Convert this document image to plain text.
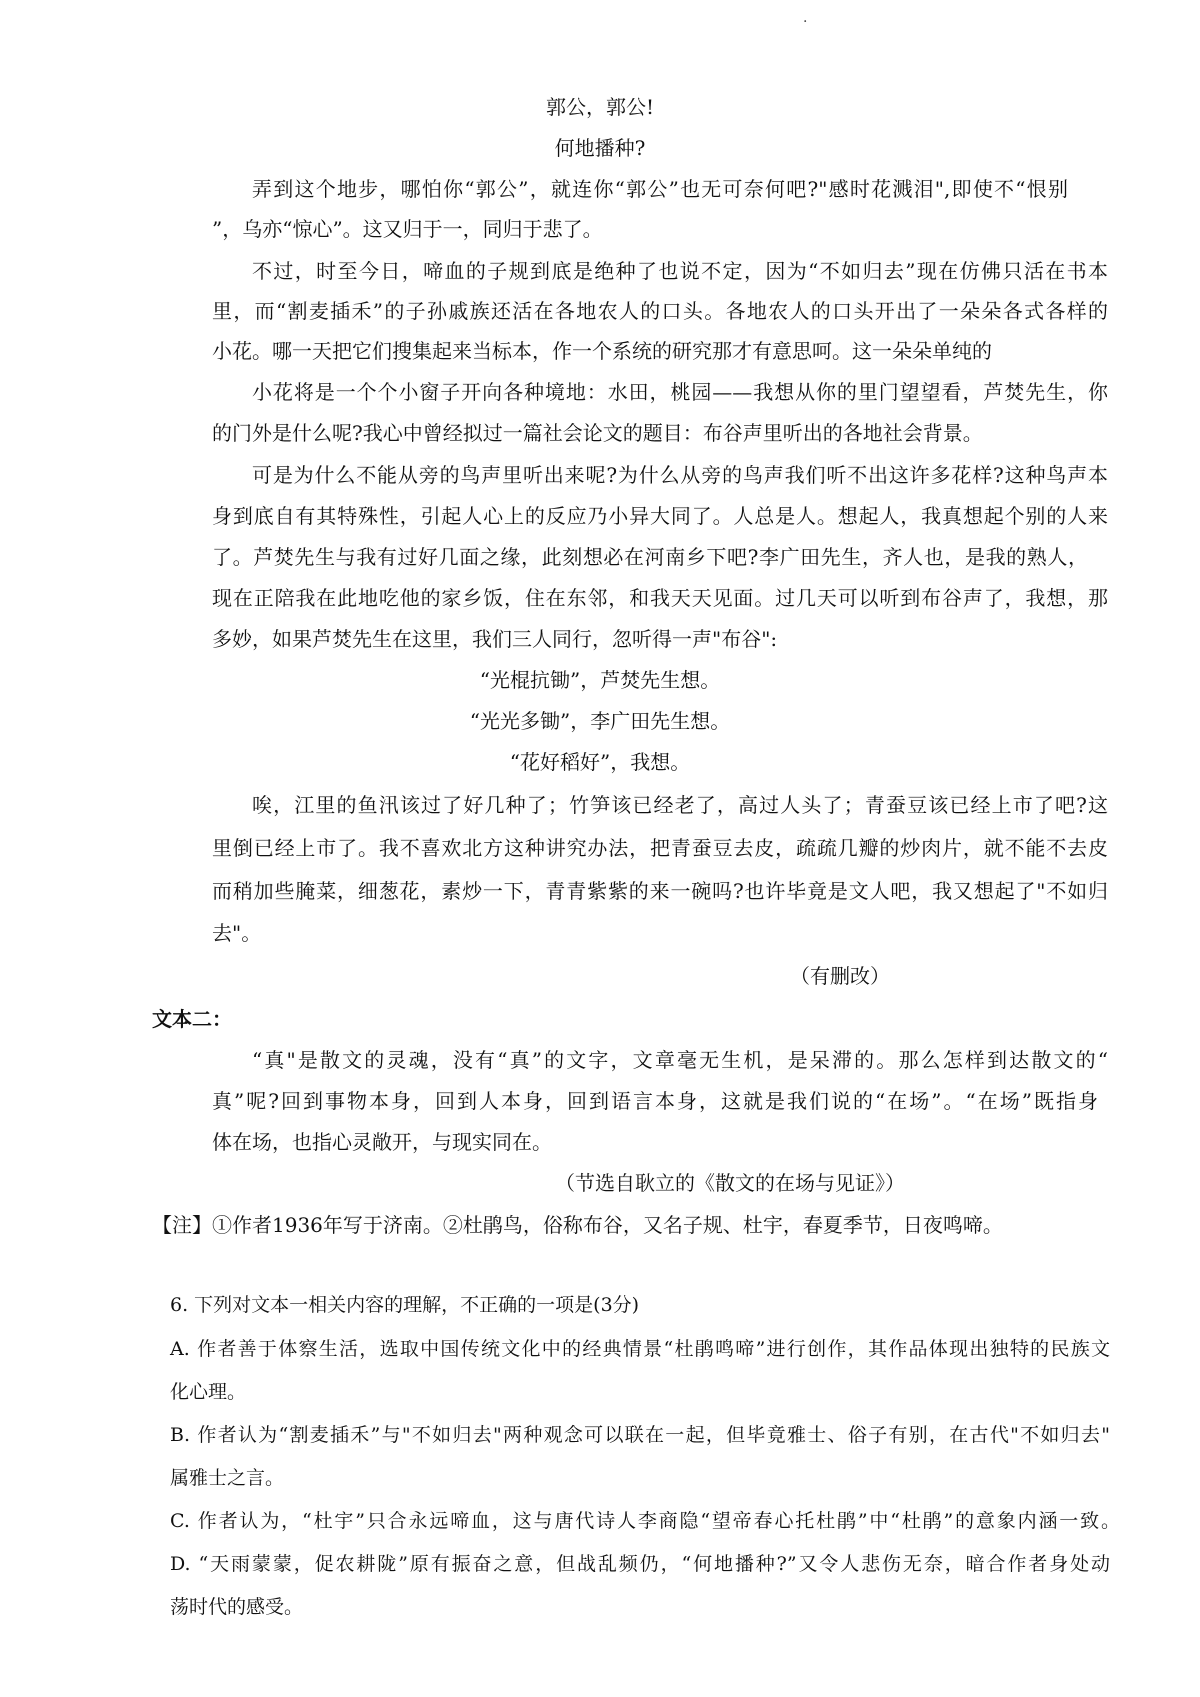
·
郭公，郭公!
何地播种?
弄到这个地步，哪怕你“郭公”，就连你“郭公”也无可奈何吧?"感时花溅泪",即使不“恨别
”，乌亦“惊心”。这又归于一，同归于悲了。
不过，时至今日，啼血的子规到底是绝种了也说不定，因为“不如归去”现在仿佛只活在书本
里，而“割麦插禾”的子孙戚族还活在各地农人的口头。各地农人的口头开出了一朵朵各式各样的
小花。哪一天把它们搜集起来当标本，作一个系统的研究那才有意思呵。这一朵朵单纯的
小花将是一个个小窗子开向各种境地：水田，桃园——我想从你的里门望望看，芦焚先生，你
的门外是什么呢?我心中曾经拟过一篇社会论文的题目：布谷声里听出的各地社会背景。
可是为什么不能从旁的鸟声里听出来呢?为什么从旁的鸟声我们听不出这许多花样?这种鸟声本
身到底自有其特殊性，引起人心上的反应乃小异大同了。人总是人。想起人，我真想起个别的人来
了。芦焚先生与我有过好几面之缘，此刻想必在河南乡下吧?李广田先生，齐人也，是我的熟人，
现在正陪我在此地吃他的家乡饭，住在东邻，和我天天见面。过几天可以听到布谷声了，我想，那
多妙，如果芦焚先生在这里，我们三人同行，忽听得一声"布谷":
“光棍抗锄”，芦焚先生想。
“光光多锄”，李广田先生想。
“花好稻好”，我想。
唉，江里的鱼汛该过了好几种了；竹笋该已经老了，高过人头了；青蚕豆该已经上市了吧?这
里倒已经上市了。我不喜欢北方这种讲究办法，把青蚕豆去皮，疏疏几瓣的炒肉片，就不能不去皮
而稍加些腌菜，细葱花，素炒一下，青青紫紫的来一碗吗?也许毕竟是文人吧，我又想起了"不如归
去"。
（有删改）
文本二：
“真"是散文的灵魂，没有“真”的文字，文章毫无生机，是呆滞的。那么怎样到达散文的“
真”呢?回到事物本身，回到人本身，回到语言本身，这就是我们说的“在场”。“在场”既指身
体在场，也指心灵敞开，与现实同在。
（节选自耿立的《散文的在场与见证》）
【注】①作者1936年写于济南。②杜鹃鸟，俗称布谷，又名子规、杜宇，春夏季节，日夜鸣啼。
6. 下列对文本一相关内容的理解，不正确的一项是(3分)
A. 作者善于体察生活，选取中国传统文化中的经典情景“杜鹃鸣啼”进行创作，其作品体现出独特的民族文
化心理。
B. 作者认为“割麦插禾”与"不如归去"两种观念可以联在一起，但毕竟雅士、俗子有别，在古代"不如归去"
属雅士之言。
C. 作者认为，“杜宇”只合永远啼血，这与唐代诗人李商隐“望帝春心托杜鹃”中“杜鹃”的意象内涵一致。
D. “天雨蒙蒙，促农耕陇”原有振奋之意，但战乱频仍，“何地播种?”又令人悲伤无奈，暗合作者身处动
荡时代的感受。
